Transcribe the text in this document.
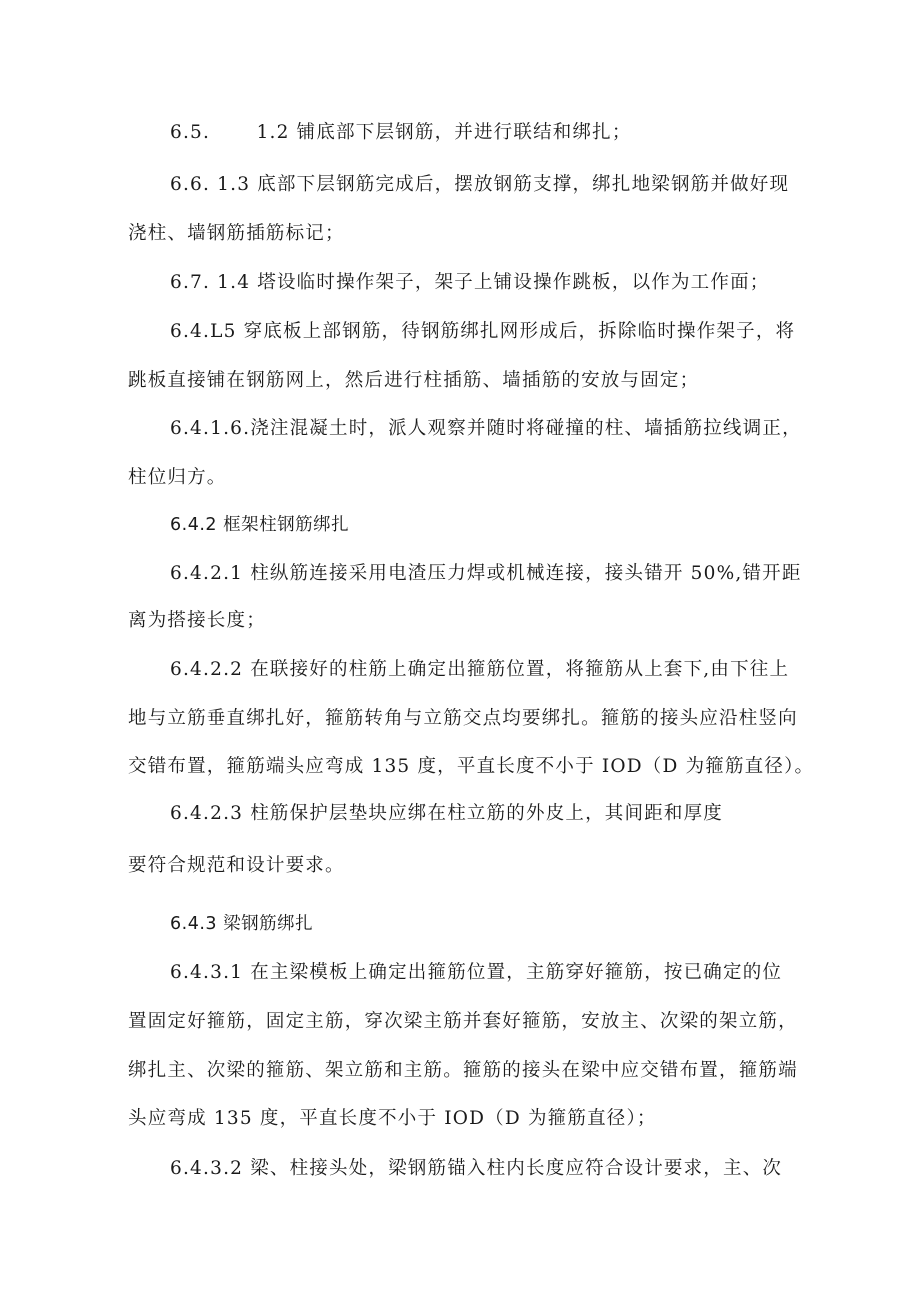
6.5.　　 1.2 铺底部下层钢筋，并进行联结和绑扎；
6.6. 1.3 底部下层钢筋完成后，摆放钢筋支撑，绑扎地梁钢筋并做好现
浇柱、墙钢筋插筋标记；
6.7. 1.4 塔设临时操作架子，架子上铺设操作跳板，以作为工作面；
6.4.L5 穿底板上部钢筋，待钢筋绑扎网形成后，拆除临时操作架子，将
跳板直接铺在钢筋网上，然后进行柱插筋、墙插筋的安放与固定；
6.4.1.6.浇注混凝土时，派人观察并随时将碰撞的柱、墙插筋拉线调正，
柱位归方。
6.4.2 框架柱钢筋绑扎
6.4.2.1 柱纵筋连接采用电渣压力焊或机械连接，接头错开 50%,错开距
离为搭接长度；
6.4.2.2 在联接好的柱筋上确定出箍筋位置，将箍筋从上套下,由下往上
地与立筋垂直绑扎好，箍筋转角与立筋交点均要绑扎。箍筋的接头应沿柱竖向
交错布置，箍筋端头应弯成 135 度，平直长度不小于 IOD（D 为箍筋直径）。
6.4.2.3 柱筋保护层垫块应绑在柱立筋的外皮上，其间距和厚度
要符合规范和设计要求。
6.4.3 梁钢筋绑扎
6.4.3.1 在主梁模板上确定出箍筋位置，主筋穿好箍筋，按已确定的位
置固定好箍筋，固定主筋，穿次梁主筋并套好箍筋，安放主、次梁的架立筋，
绑扎主、次梁的箍筋、架立筋和主筋。箍筋的接头在梁中应交错布置，箍筋端
头应弯成 135 度，平直长度不小于 IOD（D 为箍筋直径）；
6.4.3.2 梁、柱接头处，梁钢筋锚入柱内长度应符合设计要求，主、次
